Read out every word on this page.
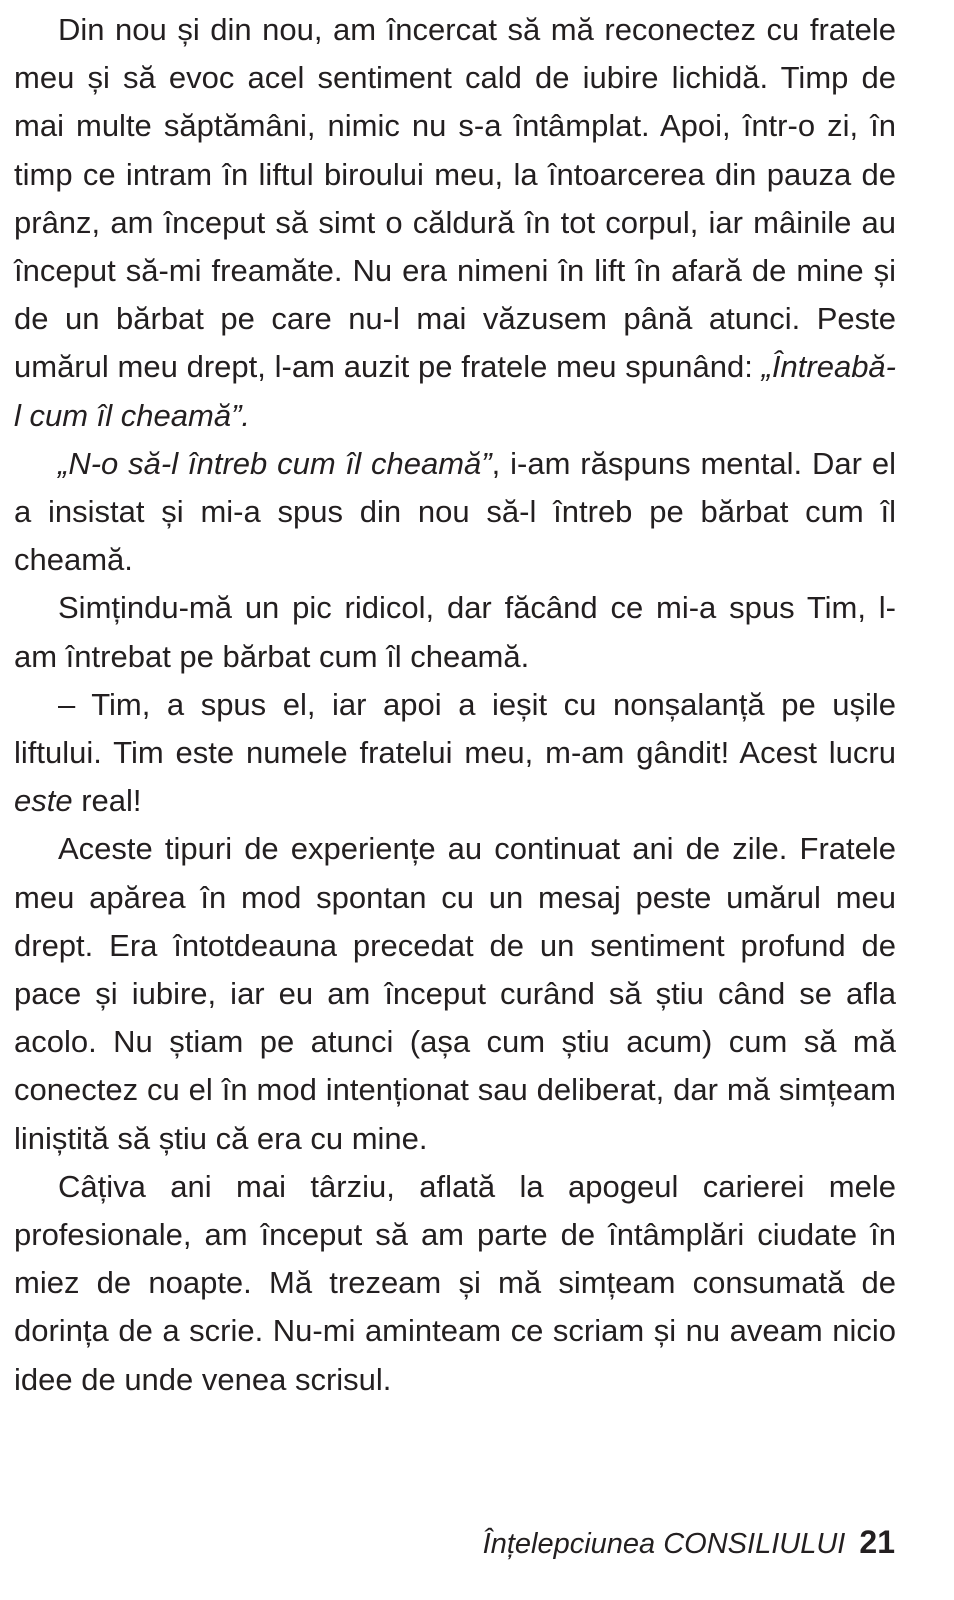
Din nou și din nou, am încercat să mă reconectez cu fratele meu și să evoc acel sentiment cald de iubire lichidă. Timp de mai multe săptămâni, nimic nu s-a întâmplat. Apoi, într-o zi, în timp ce intram în liftul biroului meu, la întoarcerea din pauza de prânz, am început să simt o căldură în tot corpul, iar mâinile au început să-mi freamăte. Nu era nimeni în lift în afară de mine și de un bărbat pe care nu-l mai văzusem până atunci. Peste umărul meu drept, l-am auzit pe fratele meu spunând: „Întreabă-l cum îl cheamă”.

„N-o să-l întreb cum îl cheamă”, i-am răspuns mental. Dar el a insistat și mi-a spus din nou să-l întreb pe bărbat cum îl cheamă.

Simțindu-mă un pic ridicol, dar făcând ce mi-a spus Tim, l-am întrebat pe bărbat cum îl cheamă.

– Tim, a spus el, iar apoi a ieșit cu nonșalanță pe ușile liftului. Tim este numele fratelui meu, m-am gândit! Acest lucru este real!

Aceste tipuri de experiențe au continuat ani de zile. Fratele meu apărea în mod spontan cu un mesaj peste umărul meu drept. Era întotdeauna precedat de un sentiment profund de pace și iubire, iar eu am început curând să știu când se afla acolo. Nu știam pe atunci (așa cum știu acum) cum să mă conectez cu el în mod intenționat sau deliberat, dar mă simțeam liniștită să știu că era cu mine.

Câțiva ani mai târziu, aflată la apogeul carierei mele profesionale, am început să am parte de întâmplări ciudate în miez de noapte. Mă trezeam și mă simțeam consumată de dorința de a scrie. Nu-mi aminteam ce scriam și nu aveam nicio idee de unde venea scrisul.

Înțelepciunea CONSILIULUI 21
